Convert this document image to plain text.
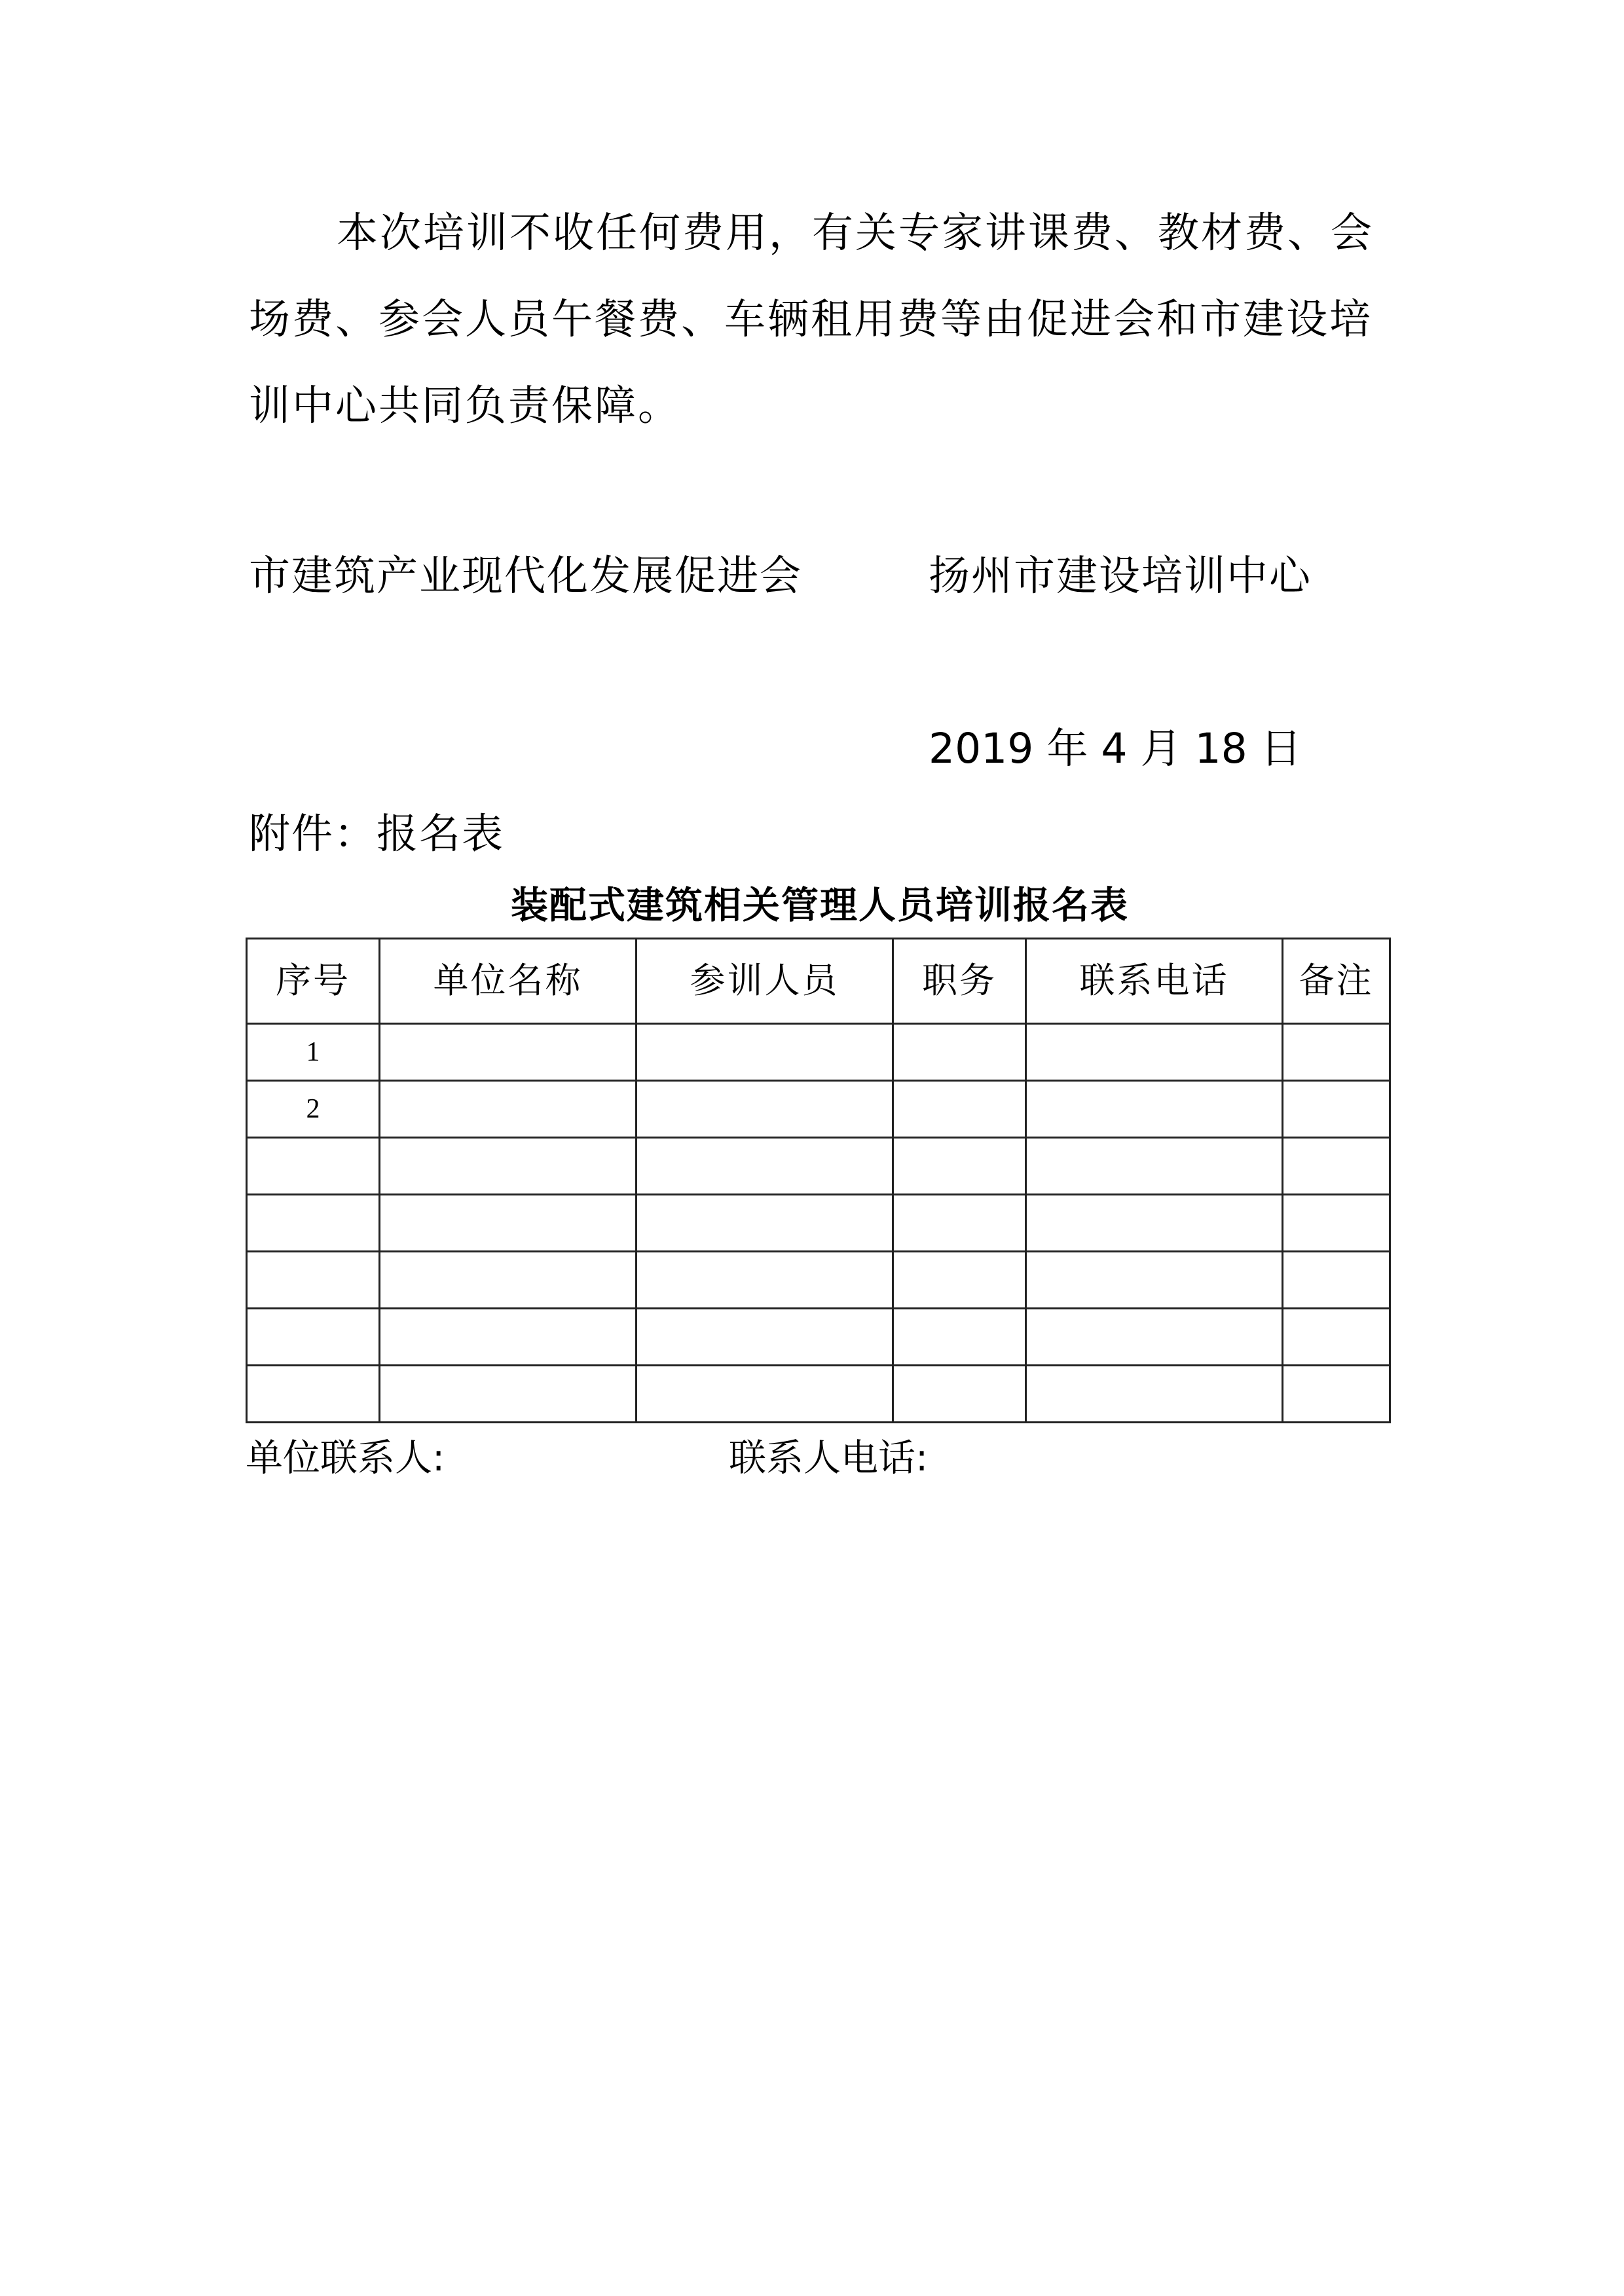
本次培训不收任何费用，有关专家讲课费、教材费、会
场费、参会人员午餐费、车辆租用费等由促进会和市建设培
训中心共同负责保障。
市建筑产业现代化发展促进会	扬州市建设培训中心
2019 年 4 月 18 日
附件：报名表
装配式建筑相关管理人员培训报名表
序号	单位名称	参训人员	职务	联系电话	备注
1					
2					

单位联系人:	联系人电话:
